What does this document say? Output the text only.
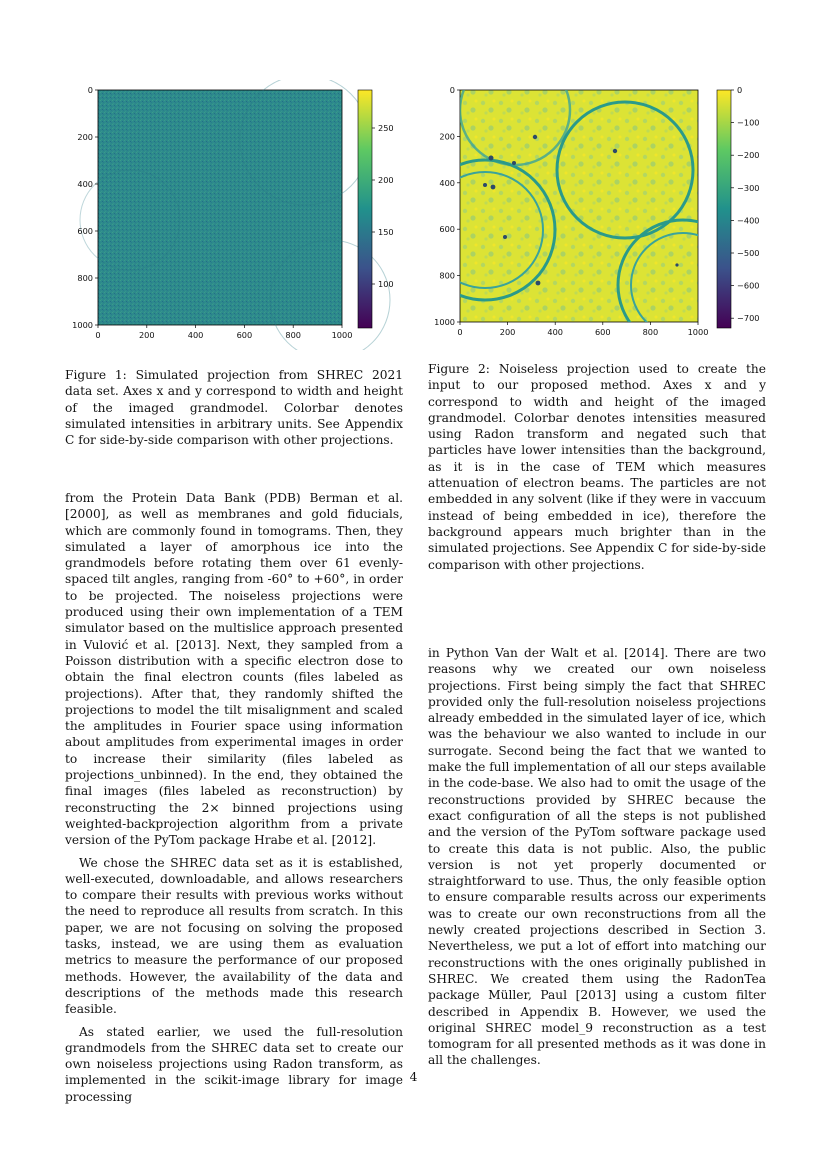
0
200
400
600
800
1000
0	200	400	600	800	1000
250
200
150
100
0
200
400
600
800
1000
0	200	400	600	800	1000
0
−100
−200
−300
−400
−500
−600
−700
Figure 1: Simulated projection from SHREC 2021 data set. Axes x and y correspond to width and height of the imaged grandmodel. Colorbar denotes simulated intensities in arbitrary units. See Appendix C for side-by-side comparison with other projections.
Figure 2: Noiseless projection used to create the input to our proposed method. Axes x and y correspond to width and height of the imaged grandmodel. Colorbar denotes intensities measured using Radon transform and negated such that particles have lower intensities than the background, as it is in the case of TEM which measures attenuation of electron beams. The particles are not embedded in any solvent (like if they were in vaccuum instead of being embedded in ice), therefore the background appears much brighter than in the simulated projections. See Appendix C for side-by-side comparison with other projections.

from the Protein Data Bank (PDB) Berman et al. [2000], as well as membranes and gold fiducials, which are commonly found in tomograms. Then, they simulated a layer of amorphous ice into the grandmodels before rotating them over 61 evenly-spaced tilt angles, ranging from -60° to +60°, in order to be projected. The noiseless projections were produced using their own implementation of a TEM simulator based on the multislice approach presented in Vulović et al. [2013]. Next, they sampled from a Poisson distribution with a specific electron dose to obtain the final electron counts (files labeled as projections). After that, they randomly shifted the projections to model the tilt misalignment and scaled the amplitudes in Fourier space using information about amplitudes from experimental images in order to increase their similarity (files labeled as projections_unbinned). In the end, they obtained the final images (files labeled as reconstruction) by reconstructing the 2× binned projections using weighted-backprojection algorithm from a private version of the PyTom package Hrabe et al. [2012].

We chose the SHREC data set as it is established, well-executed, downloadable, and allows researchers to compare their results with previous works without the need to reproduce all results from scratch. In this paper, we are not focusing on solving the proposed tasks, instead, we are using them as evaluation metrics to measure the performance of our proposed methods. However, the availability of the data and descriptions of the methods made this research feasible.

As stated earlier, we used the full-resolution grandmodels from the SHREC data set to create our own noiseless projections using Radon transform, as implemented in the scikit-image library for image processing

in Python Van der Walt et al. [2014]. There are two reasons why we created our own noiseless projections. First being simply the fact that SHREC provided only the full-resolution noiseless projections already embedded in the simulated layer of ice, which was the behaviour we also wanted to include in our surrogate. Second being the fact that we wanted to make the full implementation of all our steps available in the code-base. We also had to omit the usage of the reconstructions provided by SHREC because the exact configuration of all the steps is not published and the version of the PyTom software package used to create this data is not public. Also, the public version is not yet properly documented or straightforward to use. Thus, the only feasible option to ensure comparable results across our experiments was to create our own reconstructions from all the newly created projections described in Section 3. Nevertheless, we put a lot of effort into matching our reconstructions with the ones originally published in SHREC. We created them using the RadonTea package Müller, Paul [2013] using a custom filter described in Appendix B. However, we used the original SHREC model_9 reconstruction as a test tomogram for all presented methods as it was done in all the challenges.

4
